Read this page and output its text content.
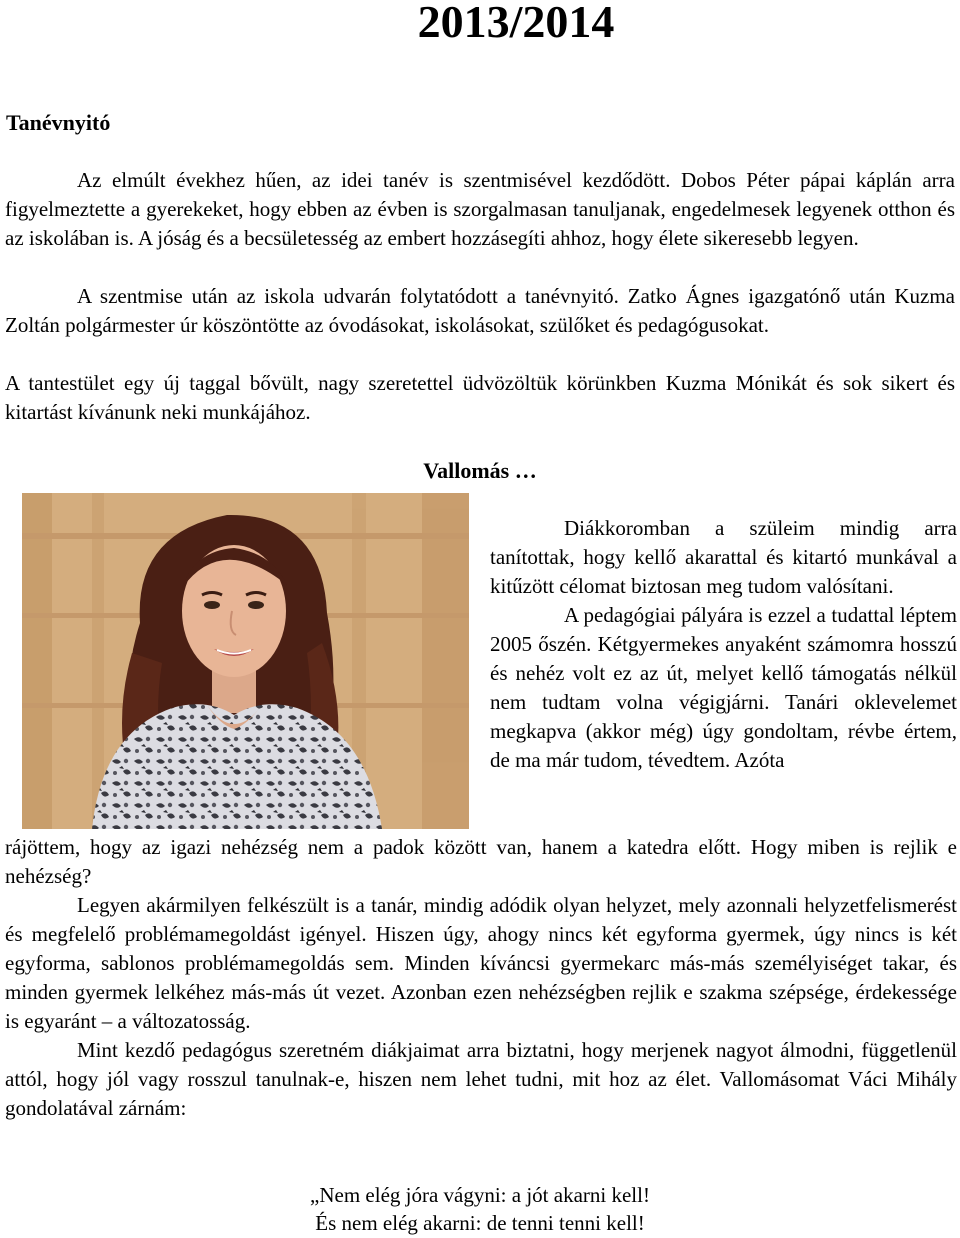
2013/2014
Tanévnyitó

Az elmúlt évekhez hűen, az idei tanév is szentmisével kezdődött. Dobos Péter pápai káplán arra figyelmeztette a gyerekeket, hogy ebben az évben is szorgalmasan tanuljanak, engedelmesek legyenek otthon és az iskolában is. A jóság és a becsületesség az embert hozzásegíti ahhoz, hogy élete sikeresebb legyen.

A szentmise után az iskola udvarán folytatódott a tanévnyitó. Zatko Ágnes igazgatónő után Kuzma Zoltán polgármester úr köszöntötte az óvodásokat, iskolásokat, szülőket és pedagógusokat.

A tantestület egy új taggal bővült, nagy szeretettel üdvözöltük körünkben Kuzma Mónikát és sok sikert és kitartást kívánunk neki munkájához.

Vallomás …

Diákkoromban a szüleim mindig arra tanítottak, hogy kellő akarattal és kitartó munkával a kitűzött célomat biztosan meg tudom valósítani.

A pedagógiai pályára is ezzel a tudattal léptem 2005 őszén. Kétgyermekes anyaként számomra hosszú és nehéz volt ez az út, melyet kellő támogatás nélkül nem tudtam volna végigjárni. Tanári oklevelemet megkapva (akkor még) úgy gondoltam, révbe értem, de ma már tudom, tévedtem. Azóta

rájöttem, hogy az igazi nehézség nem a padok között van, hanem a katedra előtt. Hogy miben is rejlik e nehézség?

Legyen akármilyen felkészült is a tanár, mindig adódik olyan helyzet, mely azonnali helyzetfelismerést és megfelelő problémamegoldást igényel. Hiszen úgy, ahogy nincs két egyforma gyermek, úgy nincs is két egyforma, sablonos problémamegoldás sem. Minden kíváncsi gyermekarc más-más személyiséget takar, és minden gyermek lelkéhez más-más út vezet. Azonban ezen nehézségben rejlik e szakma szépsége, érdekessége is egyaránt – a változatosság.

Mint kezdő pedagógus szeretném diákjaimat arra biztatni, hogy merjenek nagyot álmodni, függetlenül attól, hogy jól vagy rosszul tanulnak-e, hiszen nem lehet tudni, mit hoz az élet. Vallomásomat Váci Mihály gondolatával zárnám:

„Nem elég jóra vágyni: a jót akarni kell!
És nem elég akarni: de tenni tenni kell!
